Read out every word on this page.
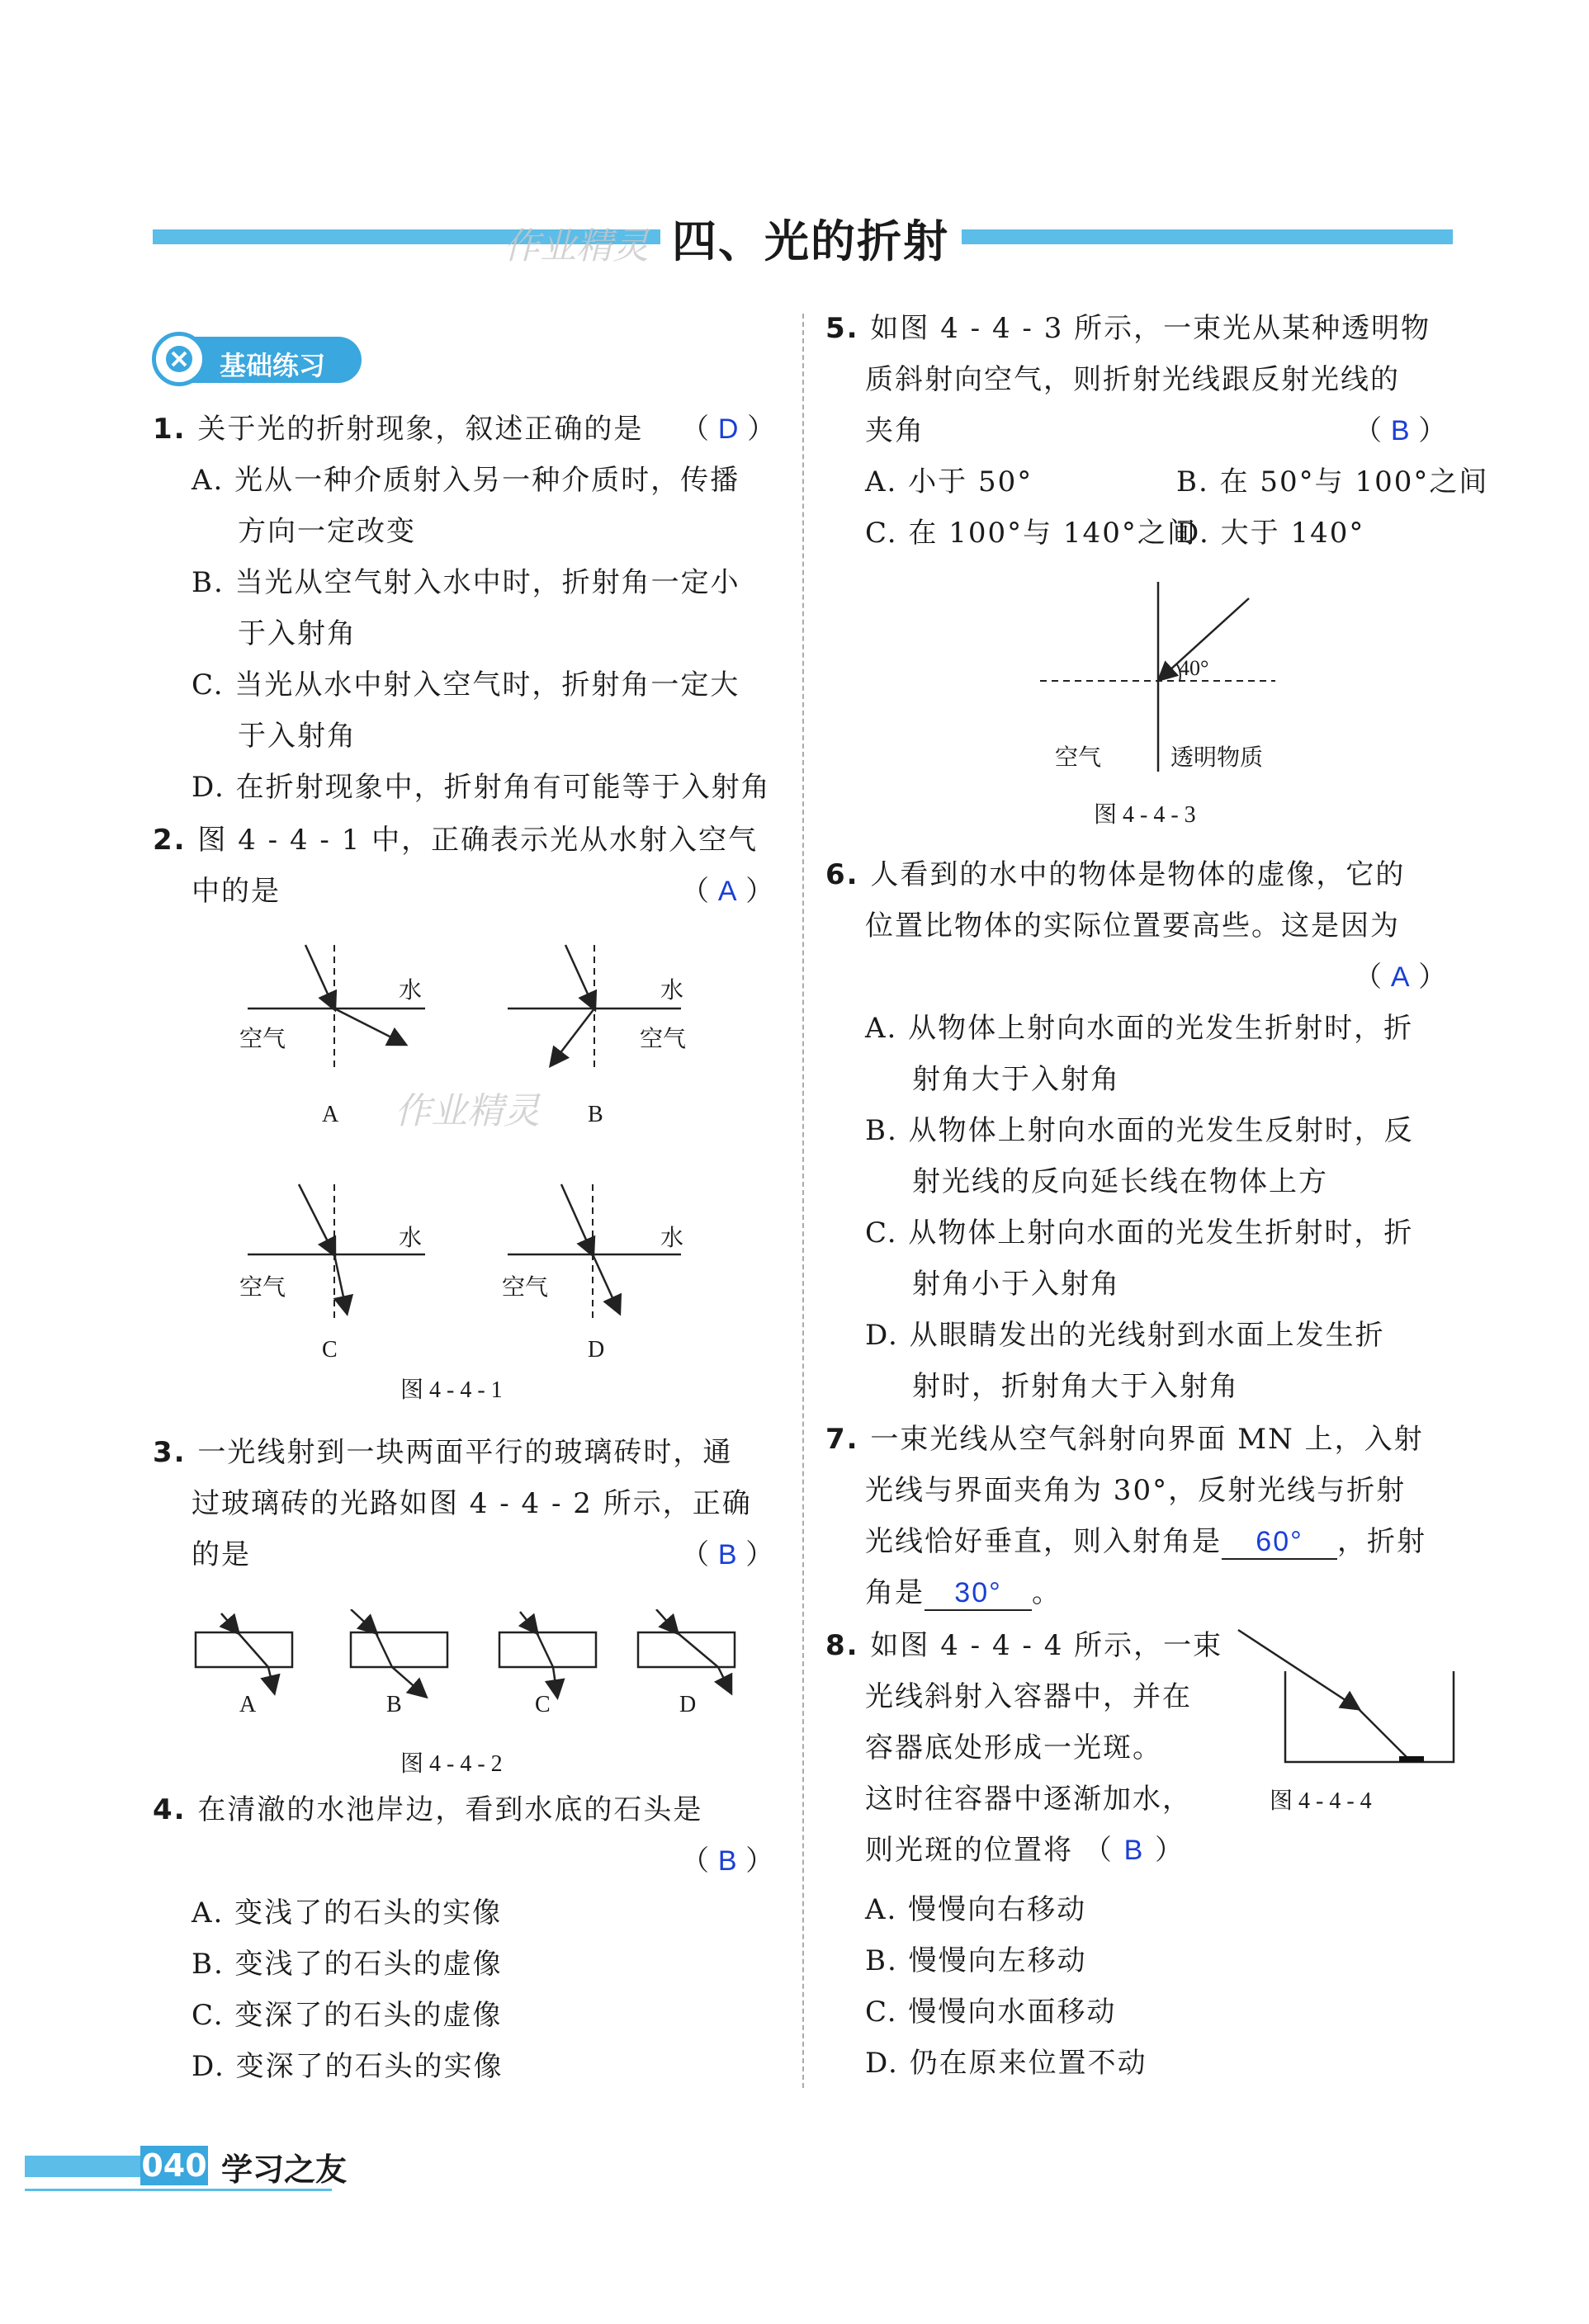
作业精灵 四、光的折射
基础练习
1. 关于光的折射现象，叙述正确的是 （ D ）
A. 光从一种介质射入另一种介质时，传播
方向一定改变
B. 当光从空气射入水中时，折射角一定小
于入射角
C. 当光从水中射入空气时，折射角一定大
于入射角
D. 在折射现象中，折射角有可能等于入射角
2. 图 4 - 4 - 1 中，正确表示光从水射入空气
中的是	（ A ）
水
空气
水
空气
A	B
作业精灵
水
空气
水
空气
C	D
图 4 - 4 - 1
3. 一光线射到一块两面平行的玻璃砖时，通
过玻璃砖的光路如图 4 - 4 - 2 所示，正确
的是	（ B ）
A	B	C	D
图 4 - 4 - 2
4. 在清澈的水池岸边，看到水底的石头是
（ B ）
A. 变浅了的石头的实像
B. 变浅了的石头的虚像
C. 变深了的石头的虚像
D. 变深了的石头的实像
5. 如图 4 - 4 - 3 所示，一束光从某种透明物
质斜射向空气，则折射光线跟反射光线的
夹角	（ B ）
A. 小于 50°	B. 在 50°与 100°之间
C. 在 100°与 140°之间
D. 大于 140°
40°
空气	透明物质
图 4 - 4 - 3
6. 人看到的水中的物体是物体的虚像，它的
位置比物体的实际位置要高些。这是因为
（ A ）
A. 从物体上射向水面的光发生折射时，折
射角大于入射角
B. 从物体上射向水面的光发生反射时，反
射光线的反向延长线在物体上方
C. 从物体上射向水面的光发生折射时，折
射角小于入射角
D. 从眼睛发出的光线射到水面上发生折
射时，折射角大于入射角
7. 一束光线从空气斜射向界面 MN 上，入射
光线与界面夹角为 30°，反射光线与折射
光线恰好垂直，则入射角是 60° ，折射
角是 30° 。
8. 如图 4 - 4 - 4 所示，一束
光线斜射入容器中，并在
容器底处形成一光斑。
这时往容器中逐渐加水，
则光斑的位置将 （ B ）
图 4 - 4 - 4
A. 慢慢向右移动
B. 慢慢向左移动
C. 慢慢向水面移动
D. 仍在原来位置不动
040 学习之友
